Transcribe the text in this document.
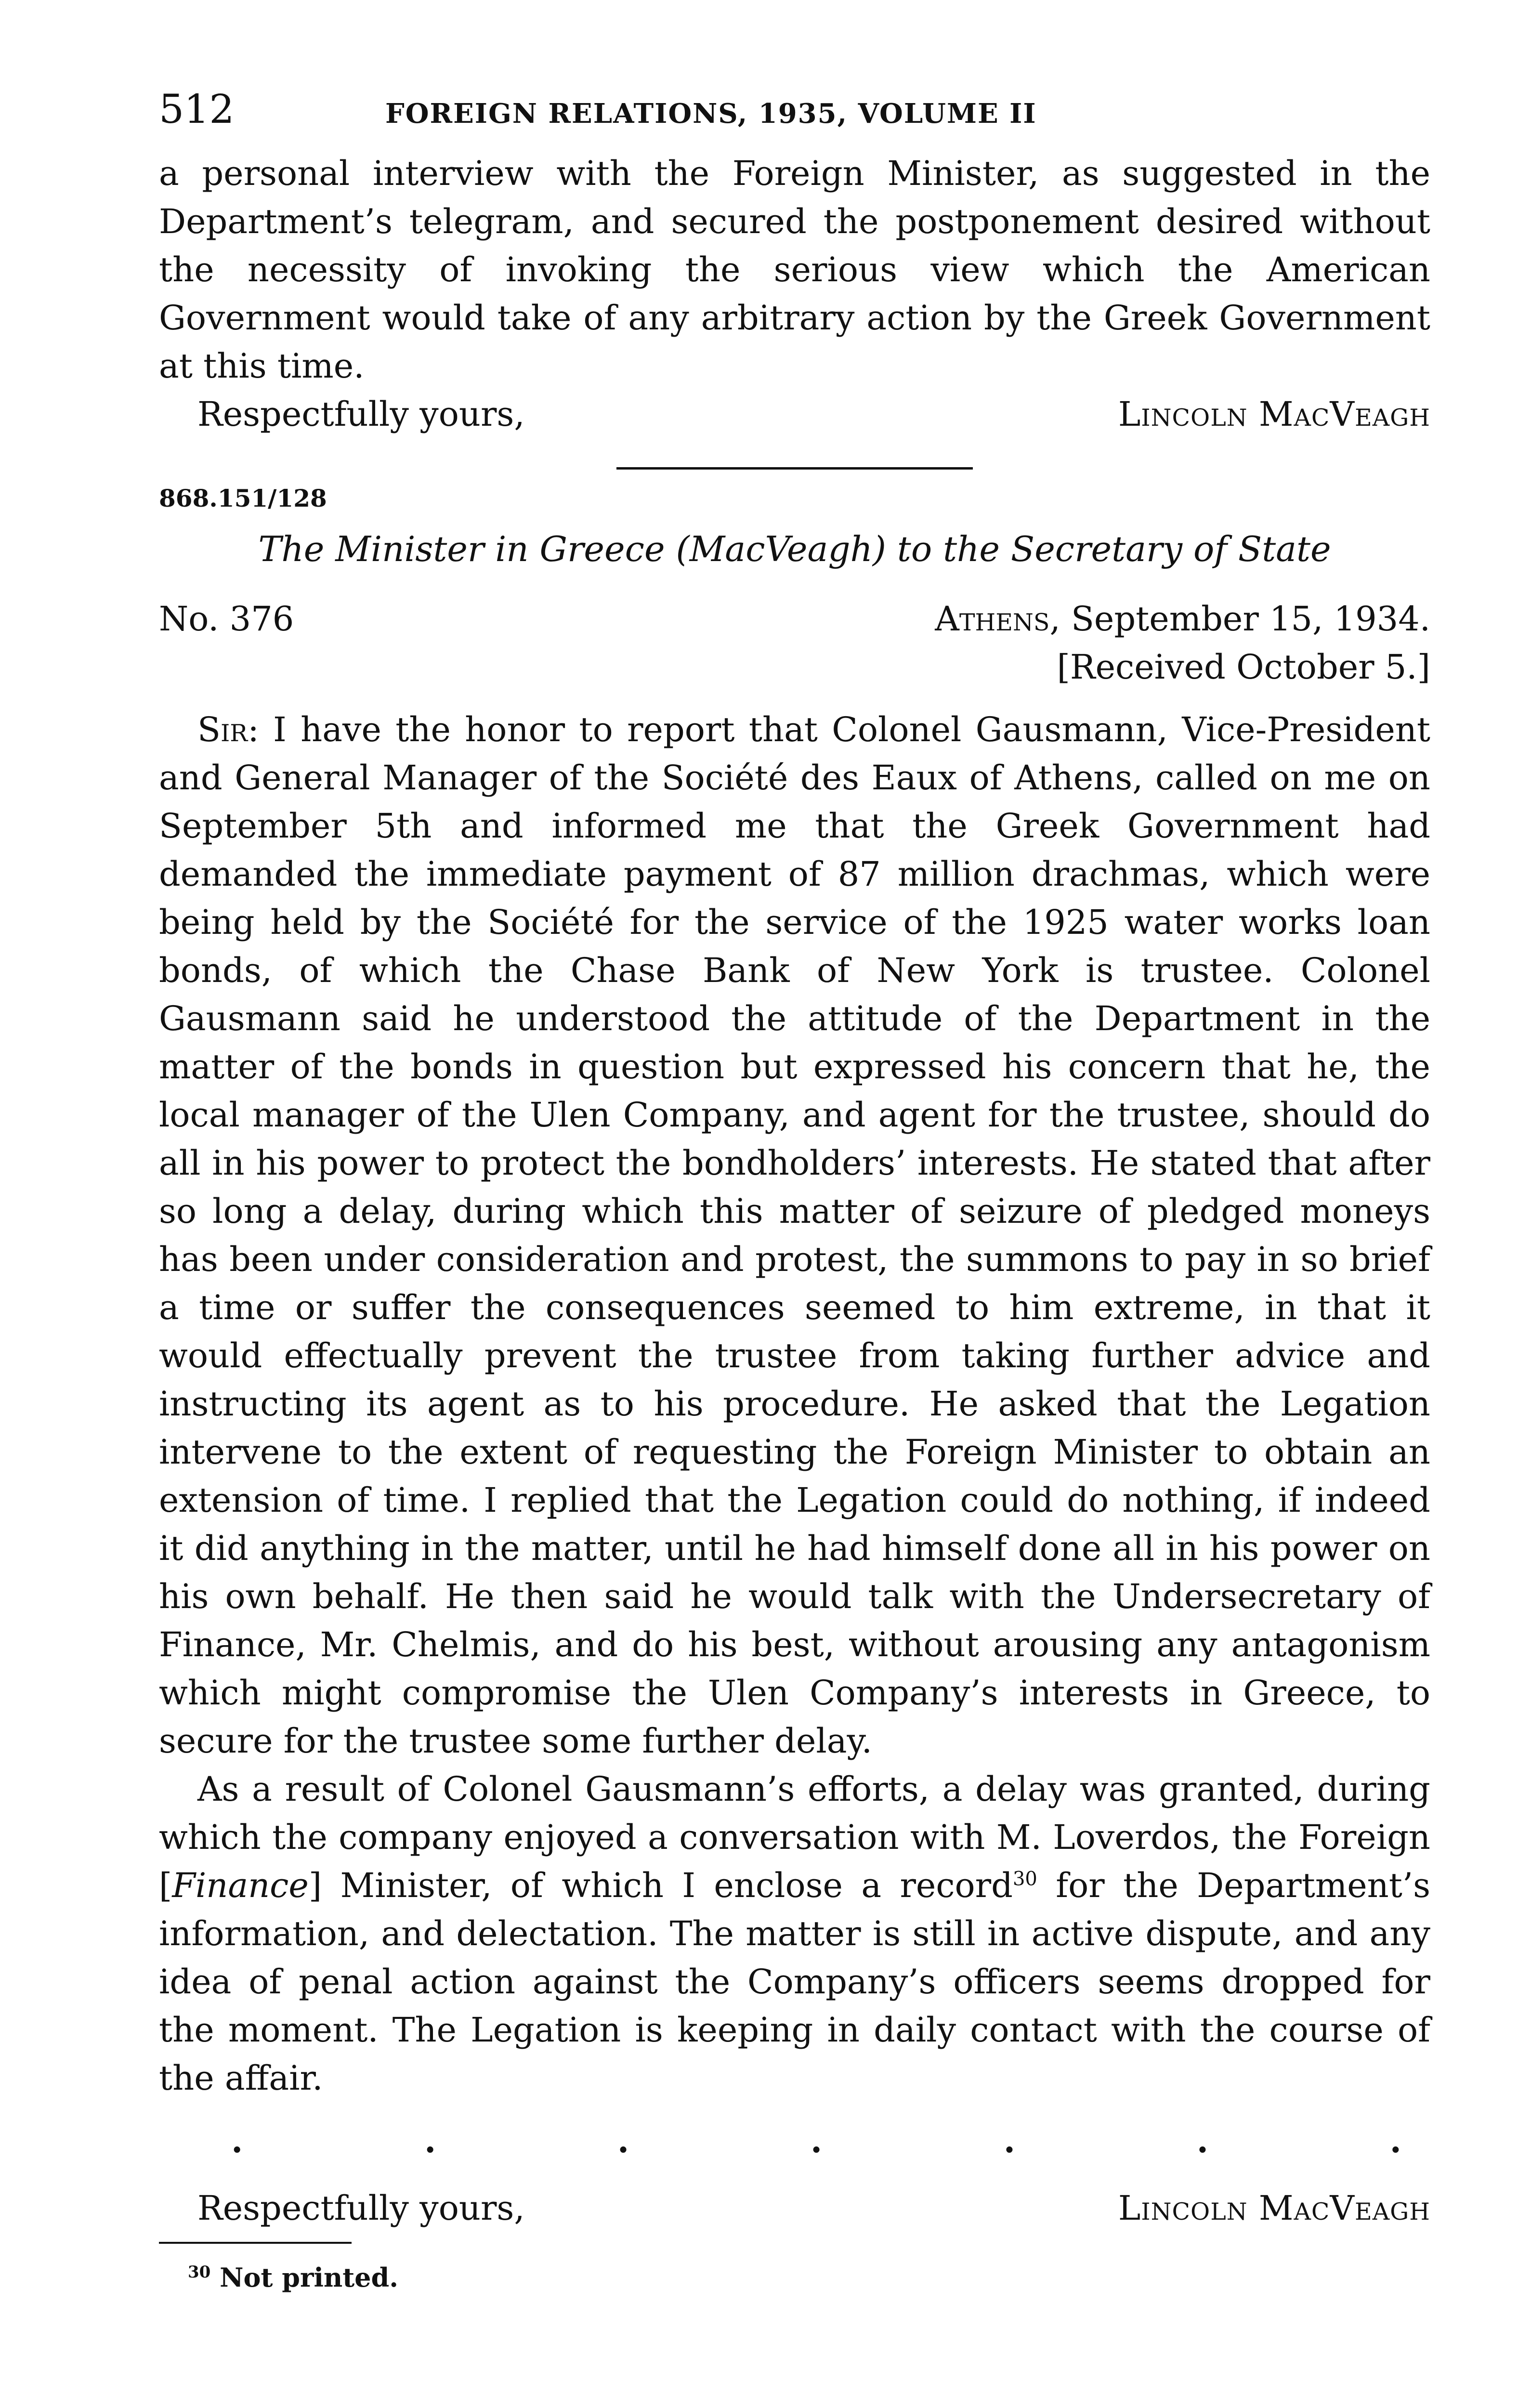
512	FOREIGN RELATIONS, 1935, VOLUME II

a personal interview with the Foreign Minister, as suggested in the Department’s telegram, and secured the postponement desired without the necessity of invoking the serious view which the American Government would take of any arbitrary action by the Greek Government at this time.

Respectfully yours,	Lincoln MacVeagh
868.151/128
The Minister in Greece (MacVeagh) to the Secretary of State
No. 376	Athens, September 15, 1934.
[Received October 5.]

Sir: I have the honor to report that Colonel Gausmann, Vice-President and General Manager of the Société des Eaux of Athens, called on me on September 5th and informed me that the Greek Government had demanded the immediate payment of 87 million drachmas, which were being held by the Société for the service of the 1925 water works loan bonds, of which the Chase Bank of New York is trustee. Colonel Gausmann said he understood the attitude of the Department in the matter of the bonds in question but expressed his concern that he, the local manager of the Ulen Company, and agent for the trustee, should do all in his power to protect the bondholders’ interests. He stated that after so long a delay, during which this matter of seizure of pledged moneys has been under consideration and protest, the summons to pay in so brief a time or suffer the consequences seemed to him extreme, in that it would effectually prevent the trustee from taking further advice and instructing its agent as to his procedure. He asked that the Legation intervene to the extent of requesting the Foreign Minister to obtain an extension of time. I replied that the Legation could do nothing, if indeed it did anything in the matter, until he had himself done all in his power on his own behalf. He then said he would talk with the Undersecretary of Finance, Mr. Chelmis, and do his best, without arousing any antagonism which might compromise the Ulen Company’s interests in Greece, to secure for the trustee some further delay.

As a result of Colonel Gausmann’s efforts, a delay was granted, during which the company enjoyed a conversation with M. Loverdos, the Foreign [Finance] Minister, of which I enclose a record$^{30}$ for the Department’s information, and delectation. The matter is still in active dispute, and any idea of penal action against the Company’s officers seems dropped for the moment. The Legation is keeping in daily contact with the course of the affair.

.	.	.	.	.	.	.
Respectfully yours,	Lincoln MacVeagh
$^{30}$ Not printed.
